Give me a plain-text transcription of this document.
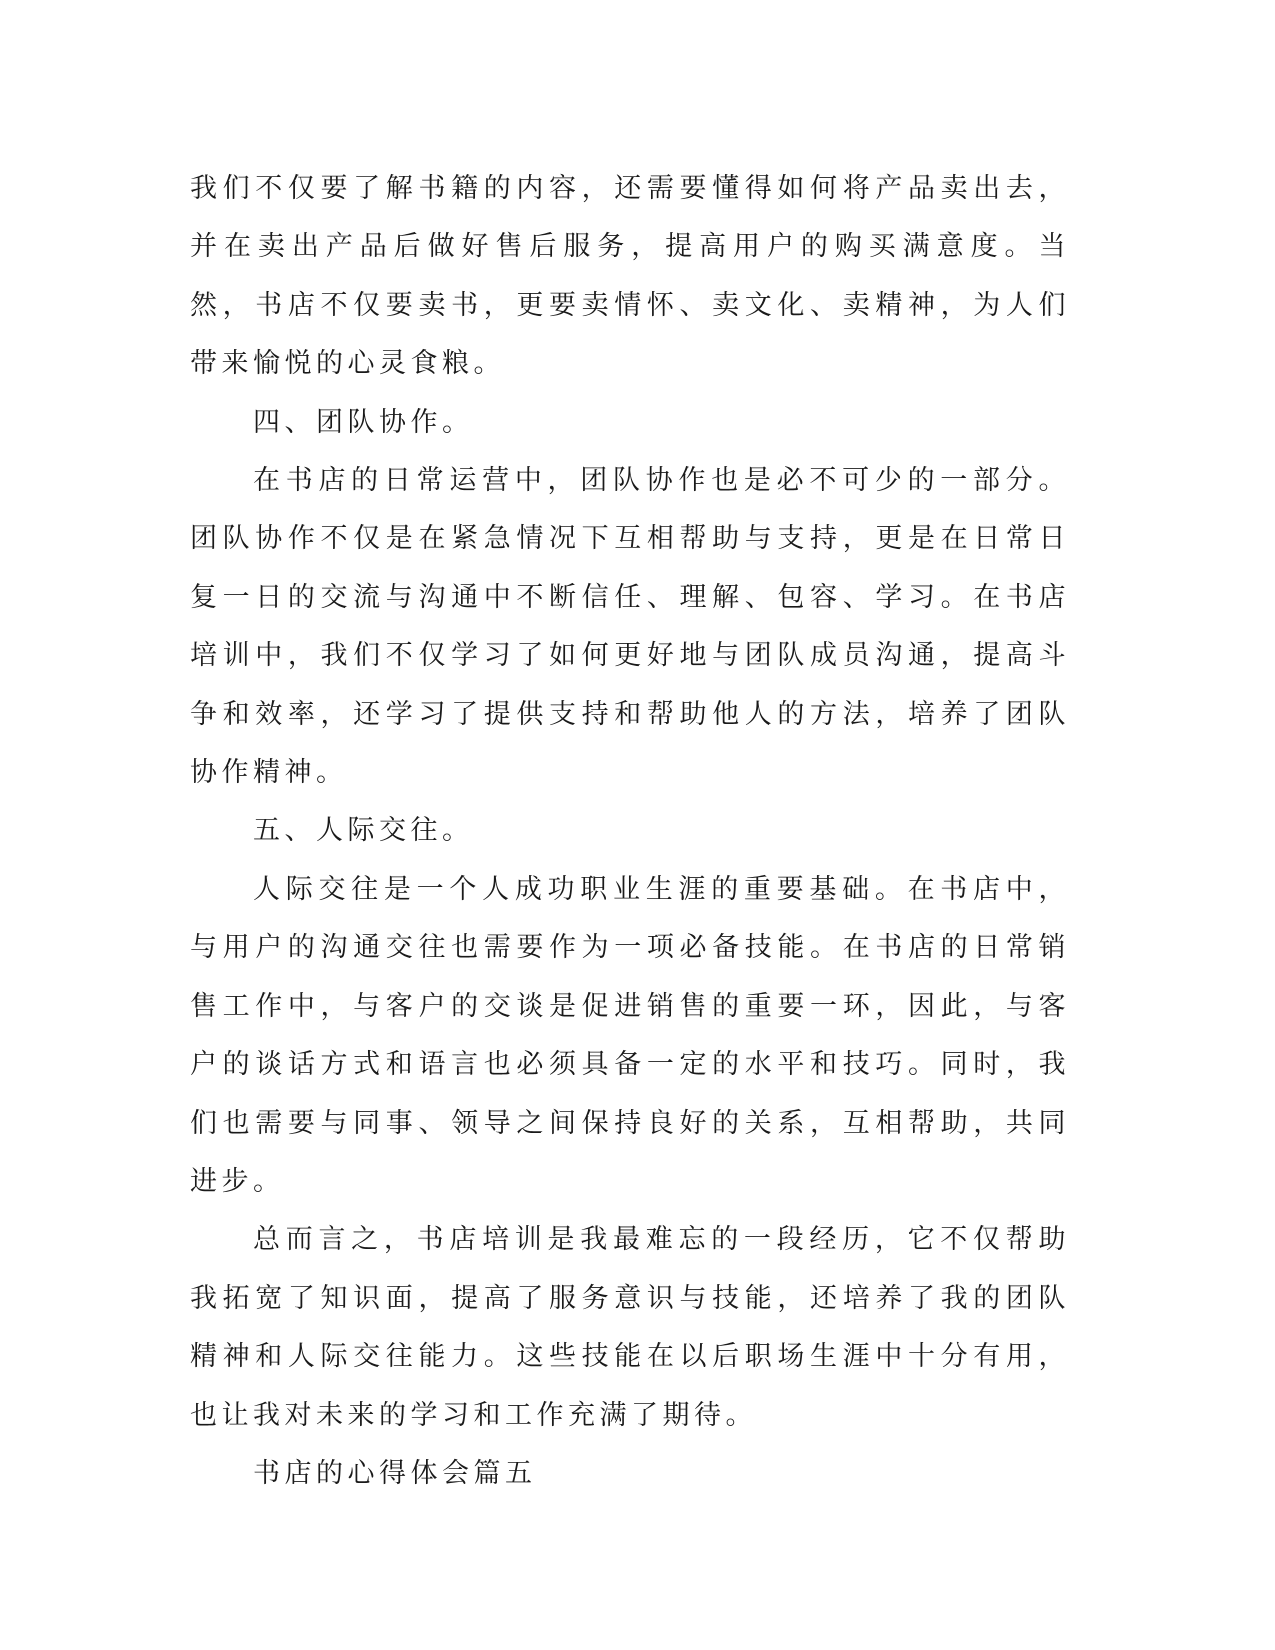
我们不仅要了解书籍的内容，还需要懂得如何将产品卖出去，并在卖出产品后做好售后服务，提高用户的购买满意度。当然，书店不仅要卖书，更要卖情怀、卖文化、卖精神，为人们带来愉悦的心灵食粮。

四、团队协作。

在书店的日常运营中，团队协作也是必不可少的一部分。团队协作不仅是在紧急情况下互相帮助与支持，更是在日常日复一日的交流与沟通中不断信任、理解、包容、学习。在书店培训中，我们不仅学习了如何更好地与团队成员沟通，提高斗争和效率，还学习了提供支持和帮助他人的方法，培养了团队协作精神。

五、人际交往。

人际交往是一个人成功职业生涯的重要基础。在书店中，与用户的沟通交往也需要作为一项必备技能。在书店的日常销售工作中，与客户的交谈是促进销售的重要一环，因此，与客户的谈话方式和语言也必须具备一定的水平和技巧。同时，我们也需要与同事、领导之间保持良好的关系，互相帮助，共同进步。

总而言之，书店培训是我最难忘的一段经历，它不仅帮助我拓宽了知识面，提高了服务意识与技能，还培养了我的团队精神和人际交往能力。这些技能在以后职场生涯中十分有用，也让我对未来的学习和工作充满了期待。

书店的心得体会篇五
